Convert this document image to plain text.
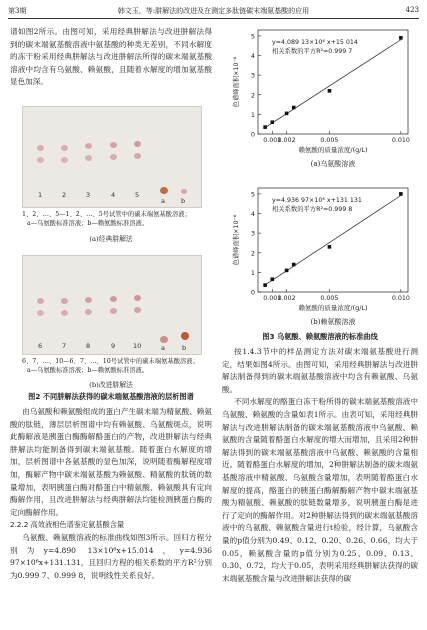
第3期	韩文玉，等:肼解法的改进及在测定多肽链碳末端氨基酸的应用	423

谱如图2所示。由图可知，采用经典肼解法与改进肼解法得到的碳末端氨基酸溶液中氨基酸的种类无差别，不同水解度的冻干粉采用经典肼解法与改进肼解法所得的碳末端氨基酸溶液中均含有乌氨酸、赖氨酸，且随着水解度的增加氨基酸显色加深。

1	2	3	4	5
a b
1、2、…、5—1、2、…、5号试管中的碳末端氨基酸溶液；
a—乌氨酸标准溶液；b—赖氨酸标准溶液。
(a)经典肼解法
6	7	8	9	10	a	b
6、7、…、10—6、7、…、10号试管中的碳末端氨基酸溶液；
a—乌氨酸标准溶液；b—赖氨酸标准溶液。
(b)改进肼解法
图2 不同肼解法获得的碳末端氨基酸溶液的层析图谱

由乌氨酸和赖氨酸组成的蛋白产生碳末端为精氨酸、赖氨酸的肽链，薄层层析图谱中均有赖氨酸、乌氨酸斑点，说明此酶解液是胰蛋白酶酶解酪蛋白的产物，改进肼解法与经典肼解法均能制备得到碳末端氨基酸。随着蛋白水解度的增加，层析图谱中各氨基酸的显色加深，说明随着酶解程度增加，酶解产物中碳末端氨基酸为赖氨酸、精氨酸的肽链的数量增加，表明胰蛋白酶对酪蛋白中精氨酸、赖氨酸具有定向酶解作用，且改进肼解法与经典肼解法均能检测胰蛋白酶的定向酶解作用。

2.2.2 高效液相色谱鉴定氨基酸含量

乌氨酸、赖氨酸溶液的标准曲线如图3所示。回归方程分别为y=4.890 13×10⁶x+15.014，y=4.936 97×10⁶x+131.131，且回归方程的相关系数的平方R²分别为0.999 7、0.999 8，说明线性关系良好。

0
1
2
3
4
5
0.001
0.002	0.005	0.010
y=4.089 13×10⁶ x+15 014
相关系数的平方R²=0.999 7
色谱峰面积×10⁻⁶
赖氨酸的质量浓度/(g/L)
(a)乌氨酸溶液
0
1
2
3
4
5
0.001
0.002	0.005	0.010
y=4.936 97×10⁶ x+131 131
相关系数的平方R²=0.999 8
色谱峰面积×10⁻⁶
赖氨酸的质量浓度/(g/L)
(b)赖氨酸溶液
图3 乌氨酸、赖氨酸溶液的标准曲线

按1.4.3节中的样品测定方法对碳末端氨基酸进行测定，结果如图4所示。由图可知，采用经典肼解法与改进肼解法制备得到的碳末端氨基酸溶液中均含有赖氨酸、乌氨酸。

不同水解度的酪蛋白冻干粉所得的碳末端氨基酸溶液中乌氨酸、赖氨酸的含量如表1所示。由表可知，采用经典肼解法与改进肼解法制备的碳末端氨基酸溶液中乌氨酸、赖氨酸的含量随着酪蛋白水解度的增大而增加，且采用2种肼解法得到的碳末端氨基酸溶液中乌氨酸、赖氨酸的含量相近。随着酪蛋白水解度的增加，2种肼解法制备的碳末端氨基酸溶液中精氨酸、乌氨酸含量增加，表明随着酪蛋白水解度的提高，酪蛋白的胰蛋白酶解酶解产物中碳末端氨基酸为精氨酸、赖氨酸的肽链数量增多，说明胰蛋白酶是进行了定向的酶解作用。对2种肼解法得到的碳末端氨基酸溶液中的乌氨酸、赖氨酸含量进行t检验，经计算，乌氨酸含量的p值分别为0.49、0.12、0.20、0.26、0.66，均大于0.05，赖氨酸含量的p值分别为0.25、0.09、0.13、0.30、0.72，均大于0.05，表明采用经典肼解法获得的碳末端氨基酸含量与改进肼解法获得的碳
